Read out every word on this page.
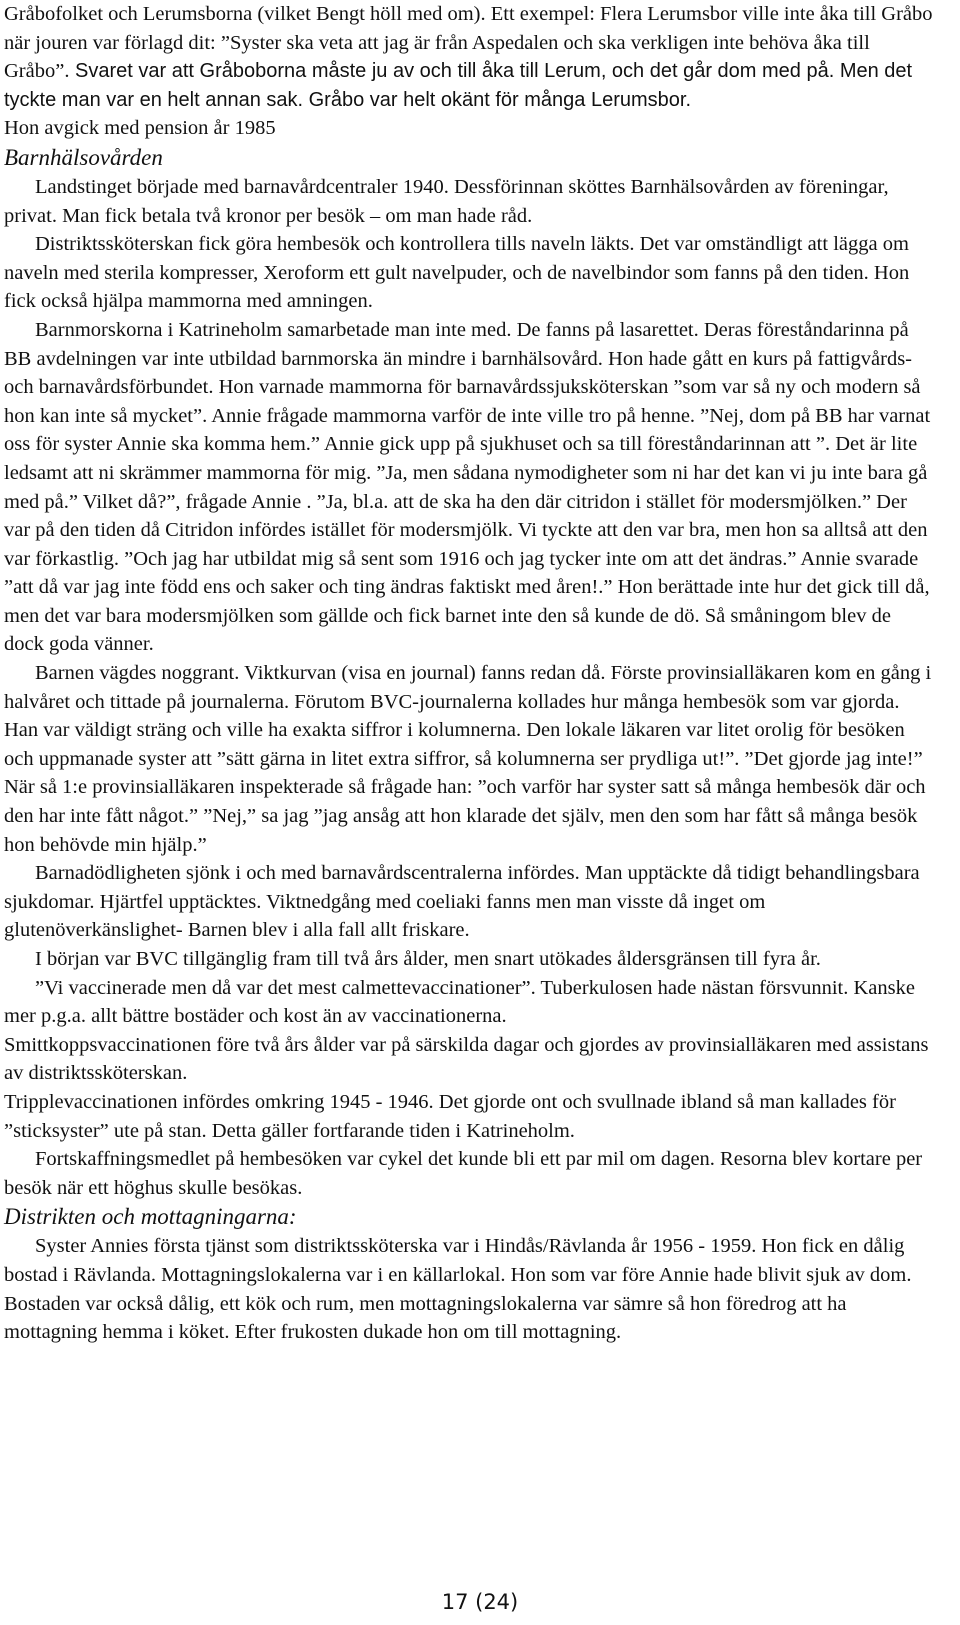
Gråbofolket och Lerumsborna (vilket Bengt höll med om). Ett exempel: Flera Lerumsbor ville inte åka till Gråbo när jouren var förlagd dit: ”Syster ska veta att jag är från Aspedalen och ska verkligen inte behöva åka till Gråbo”. Svaret var att Gråboborna måste ju av och till åka till Lerum, och det går dom med på. Men det tyckte man var en helt annan sak. Gråbo var helt okänt för många Lerumsbor.

Hon avgick med pension år 1985

Barnhälsovården

Landstinget började med barnavårdcentraler 1940. Dessförinnan sköttes Barnhälsovården av föreningar, privat. Man fick betala två kronor per besök – om man hade råd.

Distriktssköterskan fick göra hembesök och kontrollera tills naveln läkts. Det var omständligt att lägga om naveln med sterila kompresser, Xeroform ett gult navelpuder, och de navelbindor som fanns på den tiden. Hon fick också hjälpa mammorna med amningen.

Barnmorskorna i Katrineholm samarbetade man inte med. De fanns på lasarettet. Deras föreståndarinna på BB avdelningen var inte utbildad barnmorska än mindre i barnhälsovård. Hon hade gått en kurs på fattigvårds- och barnavårdsförbundet. Hon varnade mammorna för barnavårdssjuksköterskan ”som var så ny och modern så hon kan inte så mycket”. Annie frågade mammorna varför de inte ville tro på henne. ”Nej, dom på BB har varnat oss för syster Annie ska komma hem.” Annie gick upp på sjukhuset och sa till föreståndarinnan att ”. Det är lite ledsamt att ni skrämmer mammorna för mig. ”Ja, men sådana nymodigheter som ni har det kan vi ju inte bara gå med på.” Vilket då?”, frågade Annie . ”Ja, bl.a. att de ska ha den där citridon i stället för modersmjölken.” Der var på den tiden då Citridon infördes istället för modersmjölk. Vi tyckte att den var bra, men hon sa alltså att den var förkastlig. ”Och jag har utbildat mig så sent som 1916 och jag tycker inte om att det ändras.” Annie svarade ”att då var jag inte född ens och saker och ting ändras faktiskt med åren!.” Hon berättade inte hur det gick till då, men det var bara modersmjölken som gällde och fick barnet inte den så kunde de dö. Så småningom blev de dock goda vänner.

Barnen vägdes noggrant. Viktkurvan (visa en journal) fanns redan då. Förste provinsialläkaren kom en gång i halvåret och tittade på journalerna. Förutom BVC-journalerna kollades hur många hembesök som var gjorda. Han var väldigt sträng och ville ha exakta siffror i kolumnerna. Den lokale läkaren var litet orolig för besöken och uppmanade syster att ”sätt gärna in litet extra siffror, så kolumnerna ser prydliga ut!”. ”Det gjorde jag inte!” När så 1:e provinsialläkaren inspekterade så frågade han: ”och varför har syster satt så många hembesök där och den har inte fått något.” ”Nej,” sa jag ”jag ansåg att hon klarade det själv, men den som har fått så många besök hon behövde min hjälp.”

Barnadödligheten sjönk i och med barnavårdscentralerna infördes. Man upptäckte då tidigt behandlingsbara sjukdomar. Hjärtfel upptäcktes. Viktnedgång med coeliaki fanns men man visste då inget om glutenöverkänslighet- Barnen blev i alla fall allt friskare.

I början var BVC tillgänglig fram till två års ålder, men snart utökades åldersgränsen till fyra år.

”Vi vaccinerade men då var det mest calmettevaccinationer”. Tuberkulosen hade nästan försvunnit. Kanske mer p.g.a. allt bättre bostäder och kost än av vaccinationerna.

Smittkoppsvaccinationen före två års ålder var på särskilda dagar och gjordes av provinsialläkaren med assistans av distriktssköterskan.

Tripplevaccinationen infördes omkring 1945 - 1946. Det gjorde ont och svullnade ibland så man kallades för ”sticksyster” ute på stan. Detta gäller fortfarande tiden i Katrineholm.

Fortskaffningsmedlet på hembesöken var cykel det kunde bli ett par mil om dagen. Resorna blev kortare per besök när ett höghus skulle besökas.

Distrikten och mottagningarna:

Syster Annies första tjänst som distriktssköterska var i Hindås/Rävlanda år 1956 - 1959. Hon fick en dålig bostad i Rävlanda. Mottagningslokalerna var i en källarlokal. Hon som var före Annie hade blivit sjuk av dom. Bostaden var också dålig, ett kök och rum, men mottagningslokalerna var sämre så hon föredrog att ha mottagning hemma i köket. Efter frukosten dukade hon om till mottagning.

17 (24)
